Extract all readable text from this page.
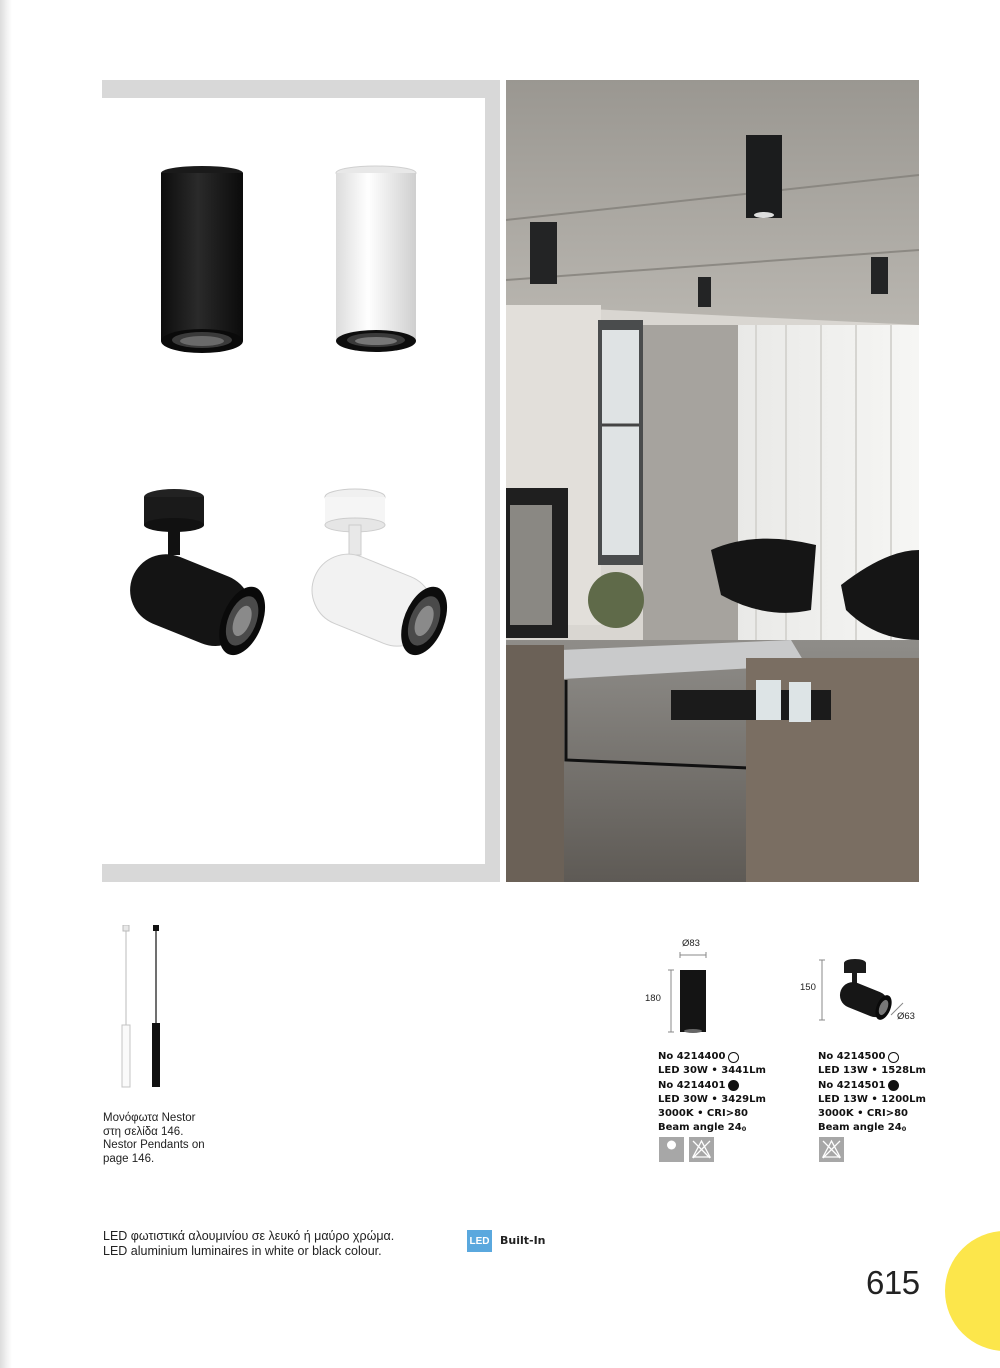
Μονόφωτα Nestor
στη σελίδα 146.
Nestor Pendants on
page 146.
Ø83
180
No 4214400
LED 30W • 3441Lm
No 4214401
LED 30W • 3429Lm
3000K • CRI>80
Beam angle 24 0
150
Ø63
No 4214500
LED 13W • 1528Lm
No 4214501
LED 13W • 1200Lm
3000K • CRI>80
Beam angle 24 0
LED φωτιστικά αλουμινίου σε λευκό ή μαύρο χρώμα.
LED aluminium luminaires in white or black colour.
LED Built-In
615
